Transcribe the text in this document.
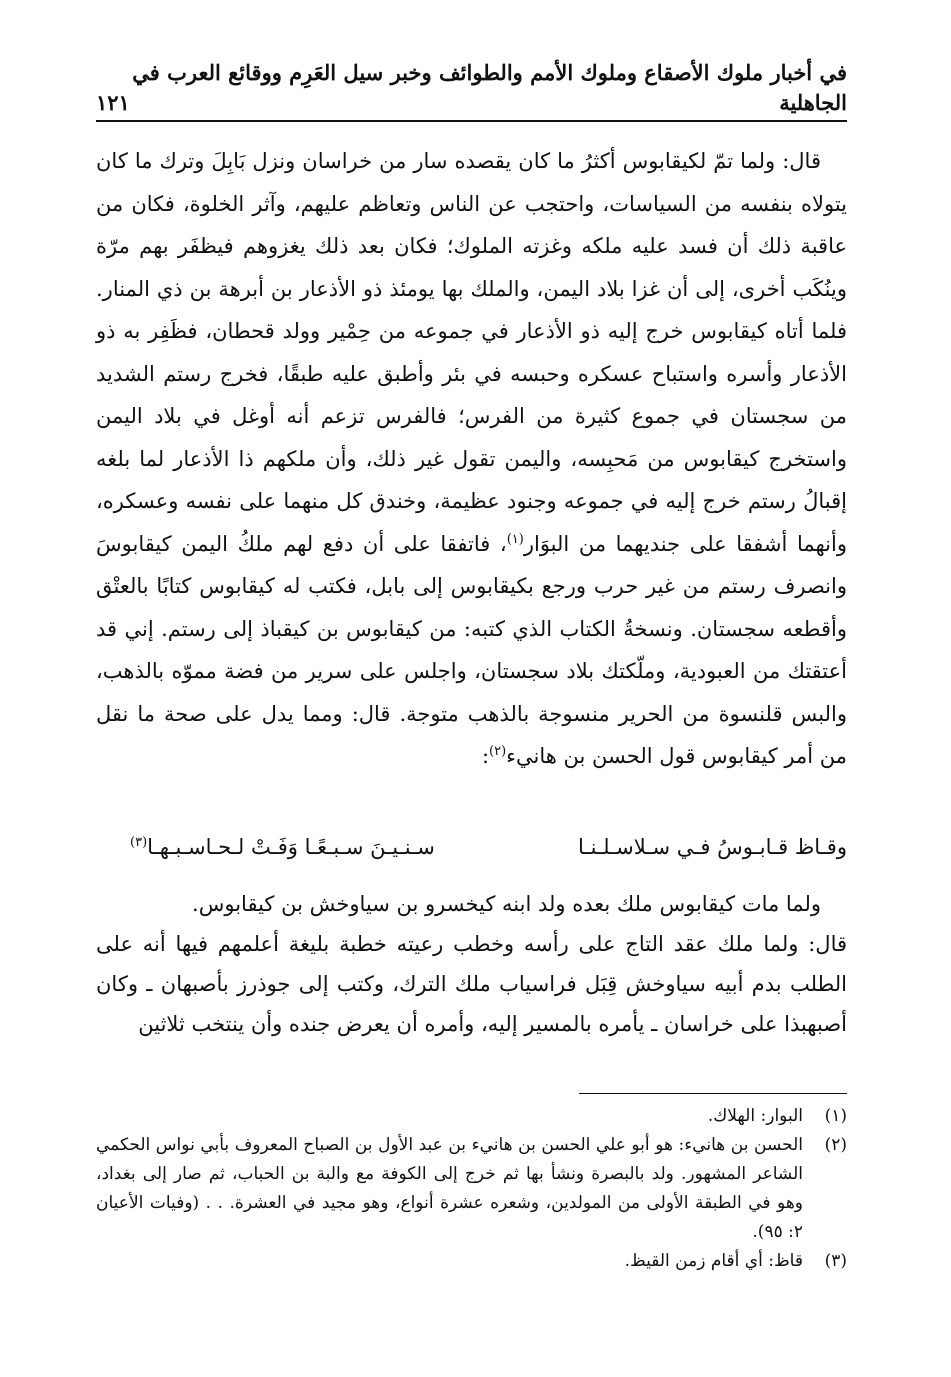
في أخبار ملوك الأصقاع وملوك الأمم والطوائف وخبر سيل العَرِم ووقائع العرب في الجاهلية
١٢١

قال: ولما تمّ لكيقابوس أكثرُ ما كان يقصده سار من خراسان ونزل بَابِلَ وترك ما كان يتولاه بنفسه من السياسات، واحتجب عن الناس وتعاظم عليهم، وآثر الخلوة، فكان من عاقبة ذلك أن فسد عليه ملكه وغزته الملوك؛ فكان بعد ذلك يغزوهم فيظفَر بهم مرّة وينُكَب أخرى، إلى أن غزا بلاد اليمن، والملك بها يومئذ ذو الأذعار بن أبرهة بن ذي المنار. فلما أتاه كيقابوس خرج إليه ذو الأذعار في جموعه من حِمْير وولد قحطان، فظَفِر به ذو الأذعار وأسره واستباح عسكره وحبسه في بئر وأطبق عليه طبقًا، فخرج رستم الشديد من سجستان في جموع كثيرة من الفرس؛ فالفرس تزعم أنه أوغل في بلاد اليمن واستخرج كيقابوس من مَحبِسه، واليمن تقول غير ذلك، وأن ملكهم ذا الأذعار لما بلغه إقبالُ رستم خرج إليه في جموعه وجنود عظيمة، وخندق كل منهما على نفسه وعسكره، وأنهما أشفقا على جنديهما من البوَار$^{(١)}$، فاتفقا على أن دفع لهم ملكُ اليمن كيقابوسَ وانصرف رستم من غير حرب ورجع بكيقابوس إلى بابل، فكتب له كيقابوس كتابًا بالعتْق وأقطعه سجستان. ونسخةُ الكتاب الذي كتبه: من كيقابوس بن كيقباذ إلى رستم. إني قد أعتقتك من العبودية، وملّكتك بلاد سجستان، واجلس على سرير من فضة مموّه بالذهب، والبس قلنسوة من الحرير منسوجة بالذهب متوجة. قال: ومما يدل على صحة ما نقل من أمر كيقابوس قول الحسن بن هانيء$^{(٢)}$:

وقـاظ قـابـوسُ فـي سـلاسـلـنـا
سـنـيـنَ سـبـعًـا وَفَـتْ لـحـاسـبـهـا$^{(٣)}$

ولما مات كيقابوس ملك بعده ولد ابنه كيخسرو بن سياوخش بن كيقابوس.

قال: ولما ملك عقد التاج على رأسه وخطب رعيته خطبة بليغة أعلمهم فيها أنه على الطلب بدم أبيه سياوخش قِبَل فراسياب ملك الترك، وكتب إلى جوذرز بأصبهان ـ وكان أصبهبذا على خراسان ـ يأمره بالمسير إليه، وأمره أن يعرض جنده وأن ينتخب ثلاثين

(١)
البوار: الهلاك.
(٢)
الحسن بن هانيء: هو أبو علي الحسن بن هانيء بن عبد الأول بن الصباح المعروف بأبي نواس الحكمي الشاعر المشهور. ولد بالبصرة ونشأ بها ثم خرج إلى الكوفة مع والبة بن الحباب، ثم صار إلى بغداد، وهو في الطبقة الأولى من المولدين، وشعره عشرة أنواع، وهو مجيد في العشرة. . . (وفيات الأعيان ٢: ٩٥).
(٣)
قاظ: أي أقام زمن القيظ.
